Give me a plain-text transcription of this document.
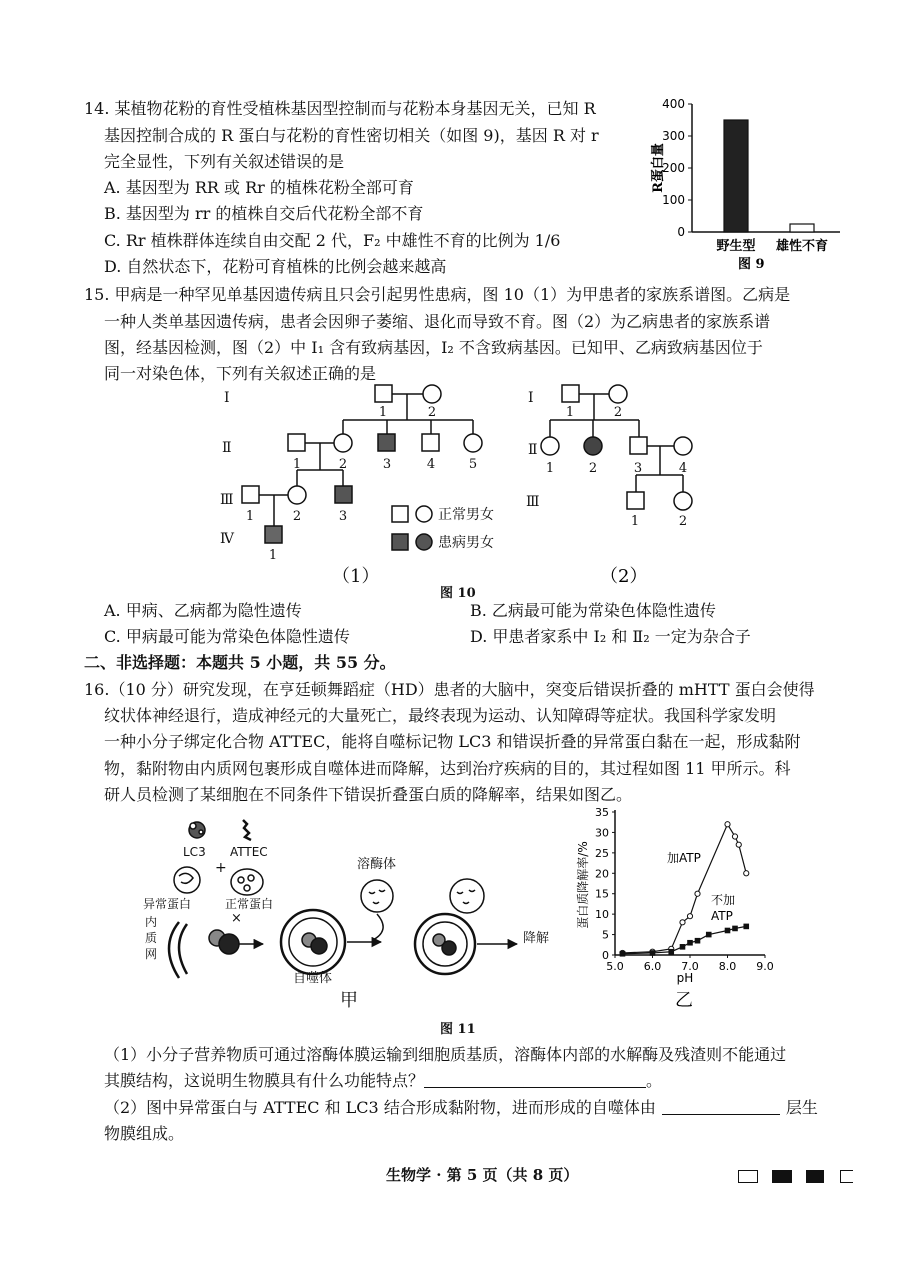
14. 某植物花粉的育性受植株基因型控制而与花粉本身基因无关，已知 R
基因控制合成的 R 蛋白与花粉的育性密切相关（如图 9)，基因 R 对 r
完全显性，下列有关叙述错误的是
A. 基因型为 RR 或 Rr 的植株花粉全部可育
B. 基因型为 rr 的植株自交后代花粉全部不育
C. Rr 植株群体连续自由交配 2 代，F₂ 中雄性不育的比例为 1/6
D. 自然状态下，花粉可育植株的比例会越来越高
R蛋白量
0
100
200
300
400
野生型 雄性不育
图 9
15. 甲病是一种罕见单基因遗传病且只会引起男性患病，图 10（1）为甲患者的家族系谱图。乙病是
一种人类单基因遗传病，患者会因卵子萎缩、退化而导致不育。图（2）为乙病患者的家族系谱
图，经基因检测，图（2）中 Ⅰ₁ 含有致病基因，Ⅰ₂ 不含致病基因。已知甲、乙病致病基因位于
同一对染色体，下列有关叙述正确的是
Ⅰ
Ⅱ
Ⅲ
Ⅳ
1	2
1	2	3	4	5
1	2	3
1
正常男女
患病男女
（1）
Ⅰ
Ⅱ
Ⅲ
1	2
1	2	3	4
1	2
（2）
图 10
A. 甲病、乙病都为隐性遗传	B. 乙病最可能为常染色体隐性遗传
C. 甲病最可能为常染色体隐性遗传	D. 甲患者家系中 Ⅰ₂ 和 Ⅱ₂ 一定为杂合子
二、非选择题：本题共 5 小题，共 55 分。
16.（10 分）研究发现，在亨廷顿舞蹈症（HD）患者的大脑中，突变后错误折叠的 mHTT 蛋白会使得
纹状体神经退行，造成神经元的大量死亡，最终表现为运动、认知障碍等症状。我国科学家发明
一种小分子绑定化合物 ATTEC，能将自噬标记物 LC3 和错误折叠的异常蛋白黏在一起，形成黏附
物，黏附物由内质网包裹形成自噬体进而降解，达到治疗疾病的目的，其过程如图 11 甲所示。科
研人员检测了某细胞在不同条件下错误折叠蛋白质的降解率，结果如图乙。
LC3 ATTEC
+
异常蛋白	正常蛋白
内
质
网
溶酶体
自噬体
降解
×
甲
蛋白质降解率/%
pH
0
5
10
15
20
25
30
35
5.0 6.0 7.0 8.0 9.0
加ATP
不加
ATP
乙
图 11
（1）小分子营养物质可通过溶酶体膜运输到细胞质基质，溶酶体内部的水解酶及残渣则不能通过
其膜结构，这说明生物膜具有什么功能特点？	。
（2）图中异常蛋白与 ATTEC 和 LC3 结合形成黏附物，进而形成的自噬体由	层生
物膜组成。
生物学 · 第 5 页（共 8 页）
